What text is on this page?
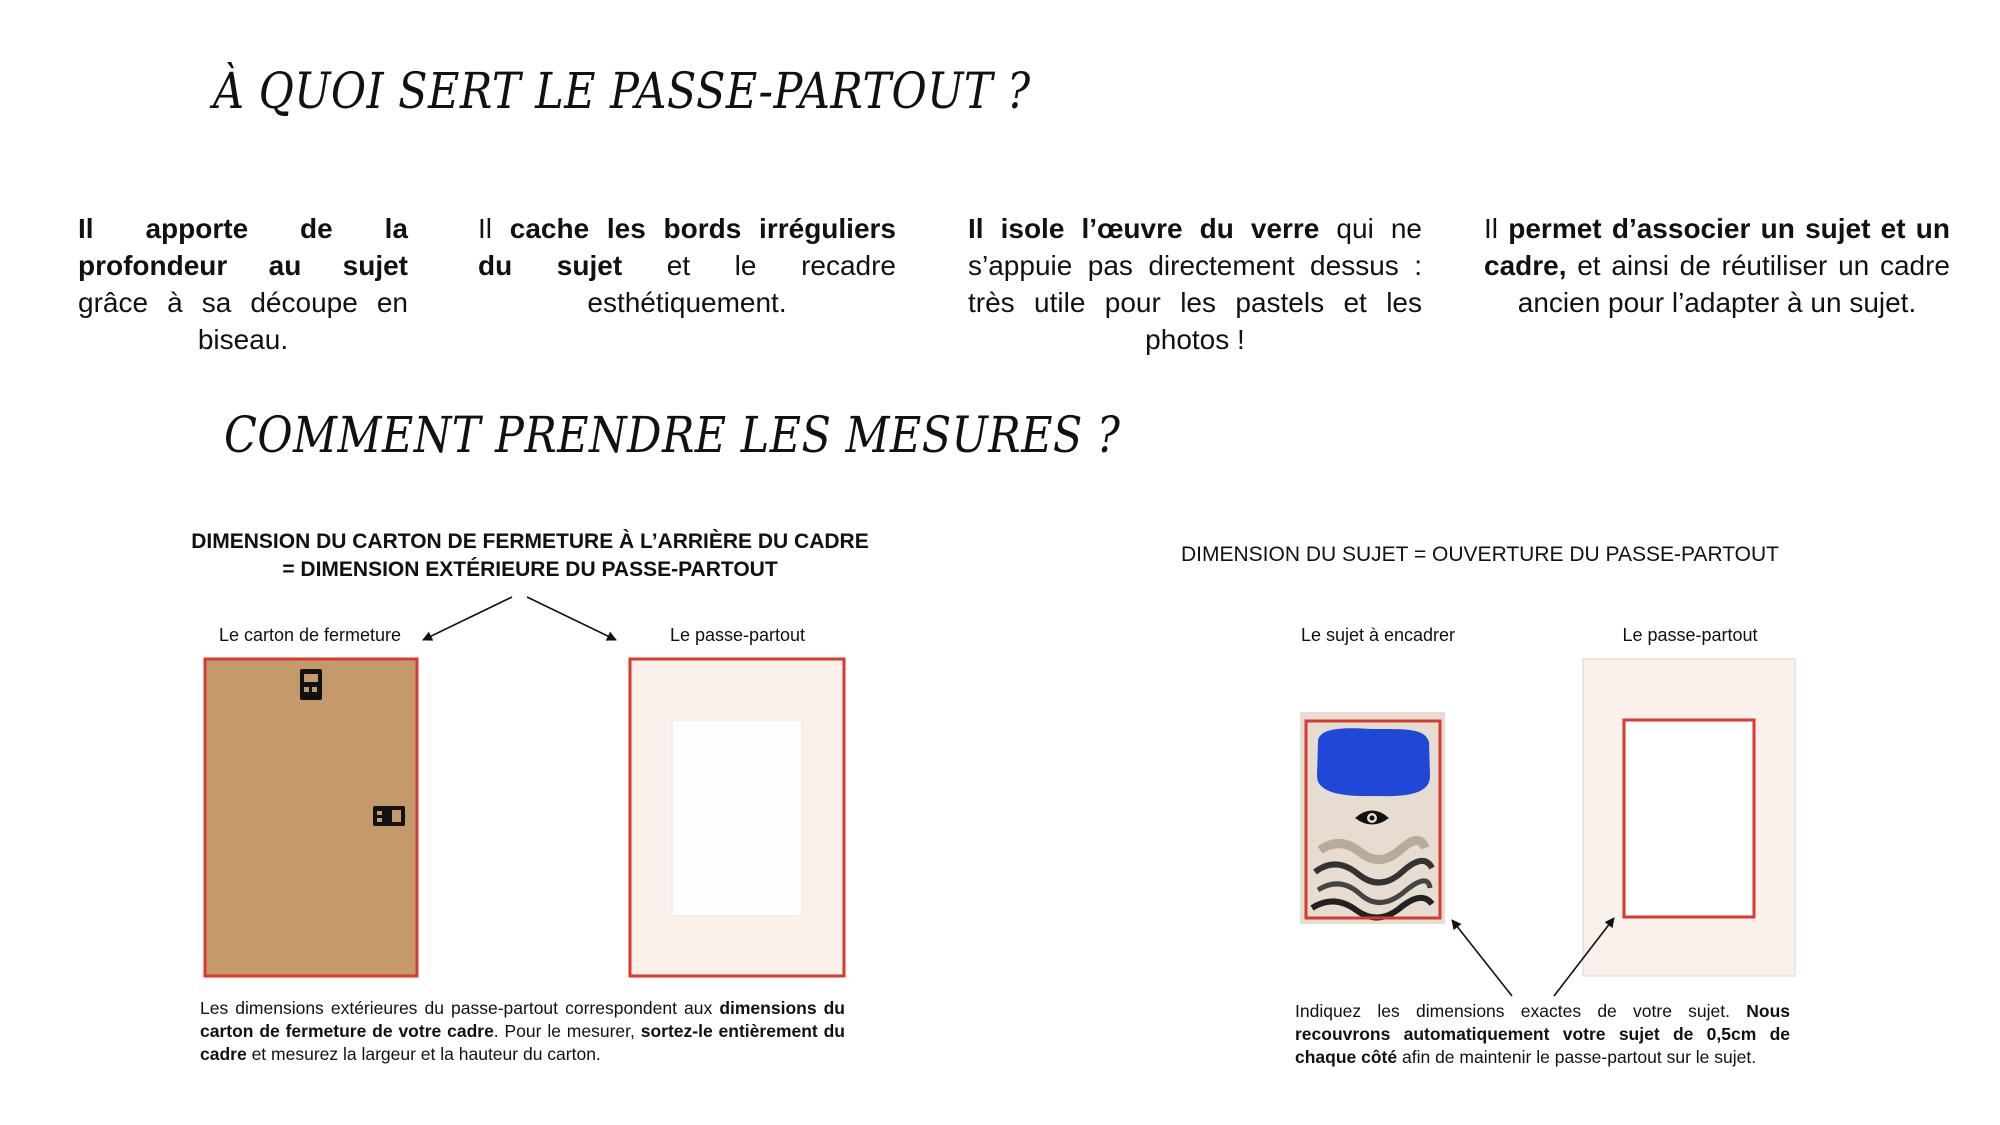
À QUOI SERT LE PASSE-PARTOUT ?
COMMENT PRENDRE LES MESURES ?
Il apporte de la profondeur au sujet grâce à sa découpe en biseau.
Il cache les bords irréguliers du sujet et le recadre esthétiquement.
Il isole l’œuvre du verre qui ne s’appuie pas directement dessus : très utile pour les pastels et les photos !
Il permet d’associer un sujet et un cadre, et ainsi de réutiliser un cadre ancien pour l’adapter à un sujet.
DIMENSION DU CARTON DE FERMETURE À L’ARRIÈRE DU CADRE
= DIMENSION EXTÉRIEURE DU PASSE-PARTOUT
Le carton de fermeture	Le passe-partout
DIMENSION DU SUJET = OUVERTURE DU PASSE-PARTOUT
Le sujet à encadrer	Le passe-partout
Les dimensions extérieures du passe-partout correspondent aux dimensions du carton de fermeture de votre cadre. Pour le mesurer, sortez-le entièrement du cadre et mesurez la largeur et la hauteur du carton.
Indiquez les dimensions exactes de votre sujet. Nous recouvrons automatiquement votre sujet de 0,5cm de chaque côté afin de maintenir le passe-partout sur le sujet.
